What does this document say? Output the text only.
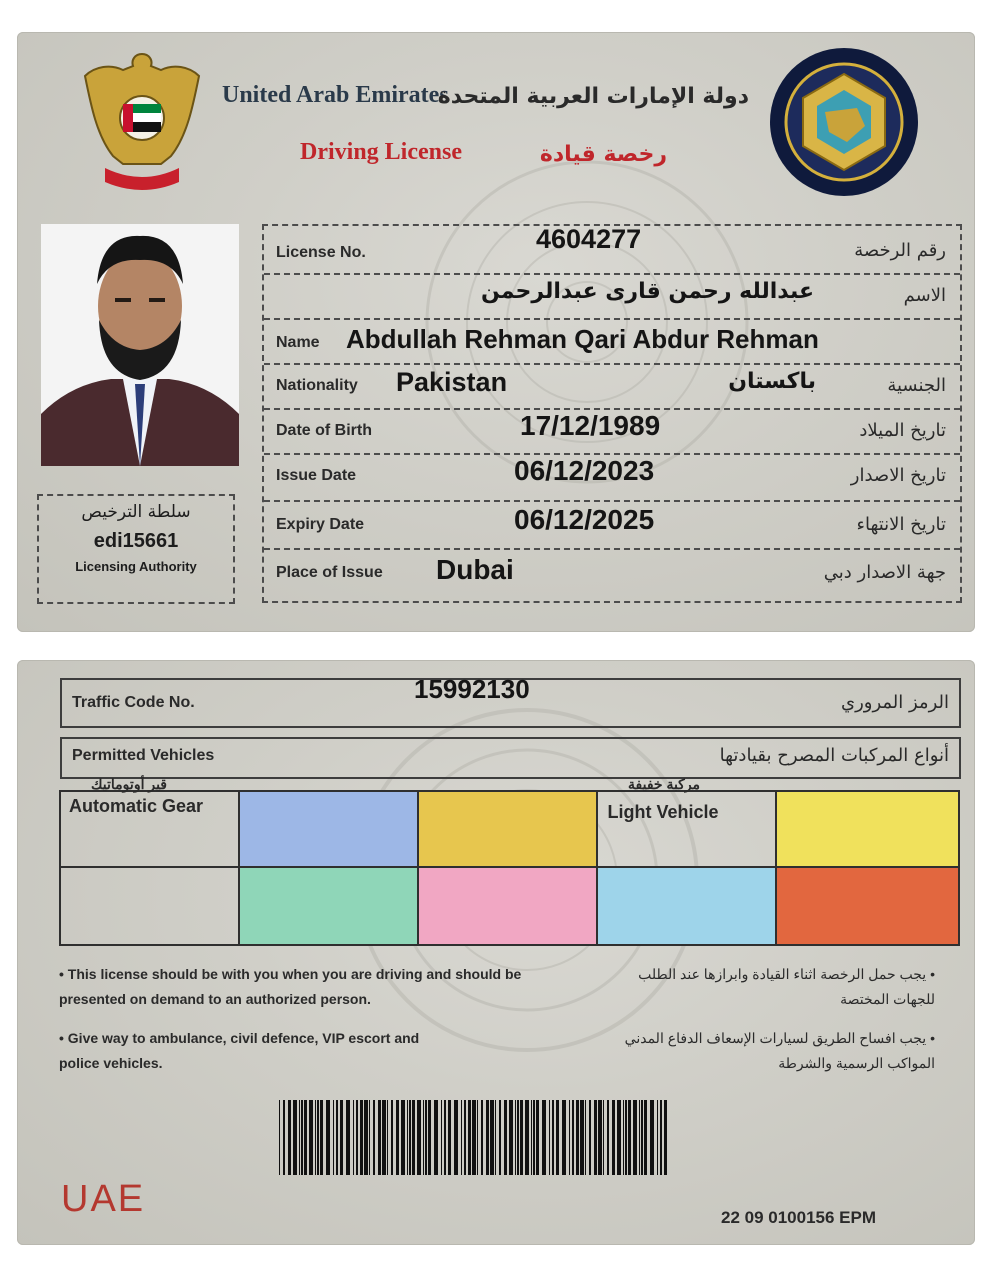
United Arab Emirates
دولة الإمارات العربية المتحدة
Driving License	رخصة قيادة
سلطة الترخيص
edi15661
Licensing Authority
License No.	4604277	رقم الرخصة
عبدالله رحمن قارى عبدالرحمن	الاسم
Name Abdullah Rehman Qari Abdur Rehman
Nationality Pakistan	باكستان	الجنسية
Date of Birth	17/12/1989	تاريخ الميلاد
Issue Date	06/12/2023	تاريخ الاصدار
Expiry Date	06/12/2025	تاريخ الانتهاء
Place of Issue Dubai	جهة الاصدار دبي
Traffic Code No.	15992130	الرمز المروري
Permitted Vehicles	أنواع المركبات المصرح بقيادتها
قير أوتوماتيك
Automatic Gear
مركبة خفيفة
Light Vehicle
• This license should be with you when you are driving and should be presented on demand to an authorized person.
• يجب حمل الرخصة اثناء القيادة وابرازها عند الطلب للجهات المختصة
• Give way to ambulance, civil defence, VIP escort and police vehicles.
• يجب افساح الطريق لسيارات الإسعاف الدفاع المدني المواكب الرسمية والشرطة
UAE	22 09 0100156 EPM
